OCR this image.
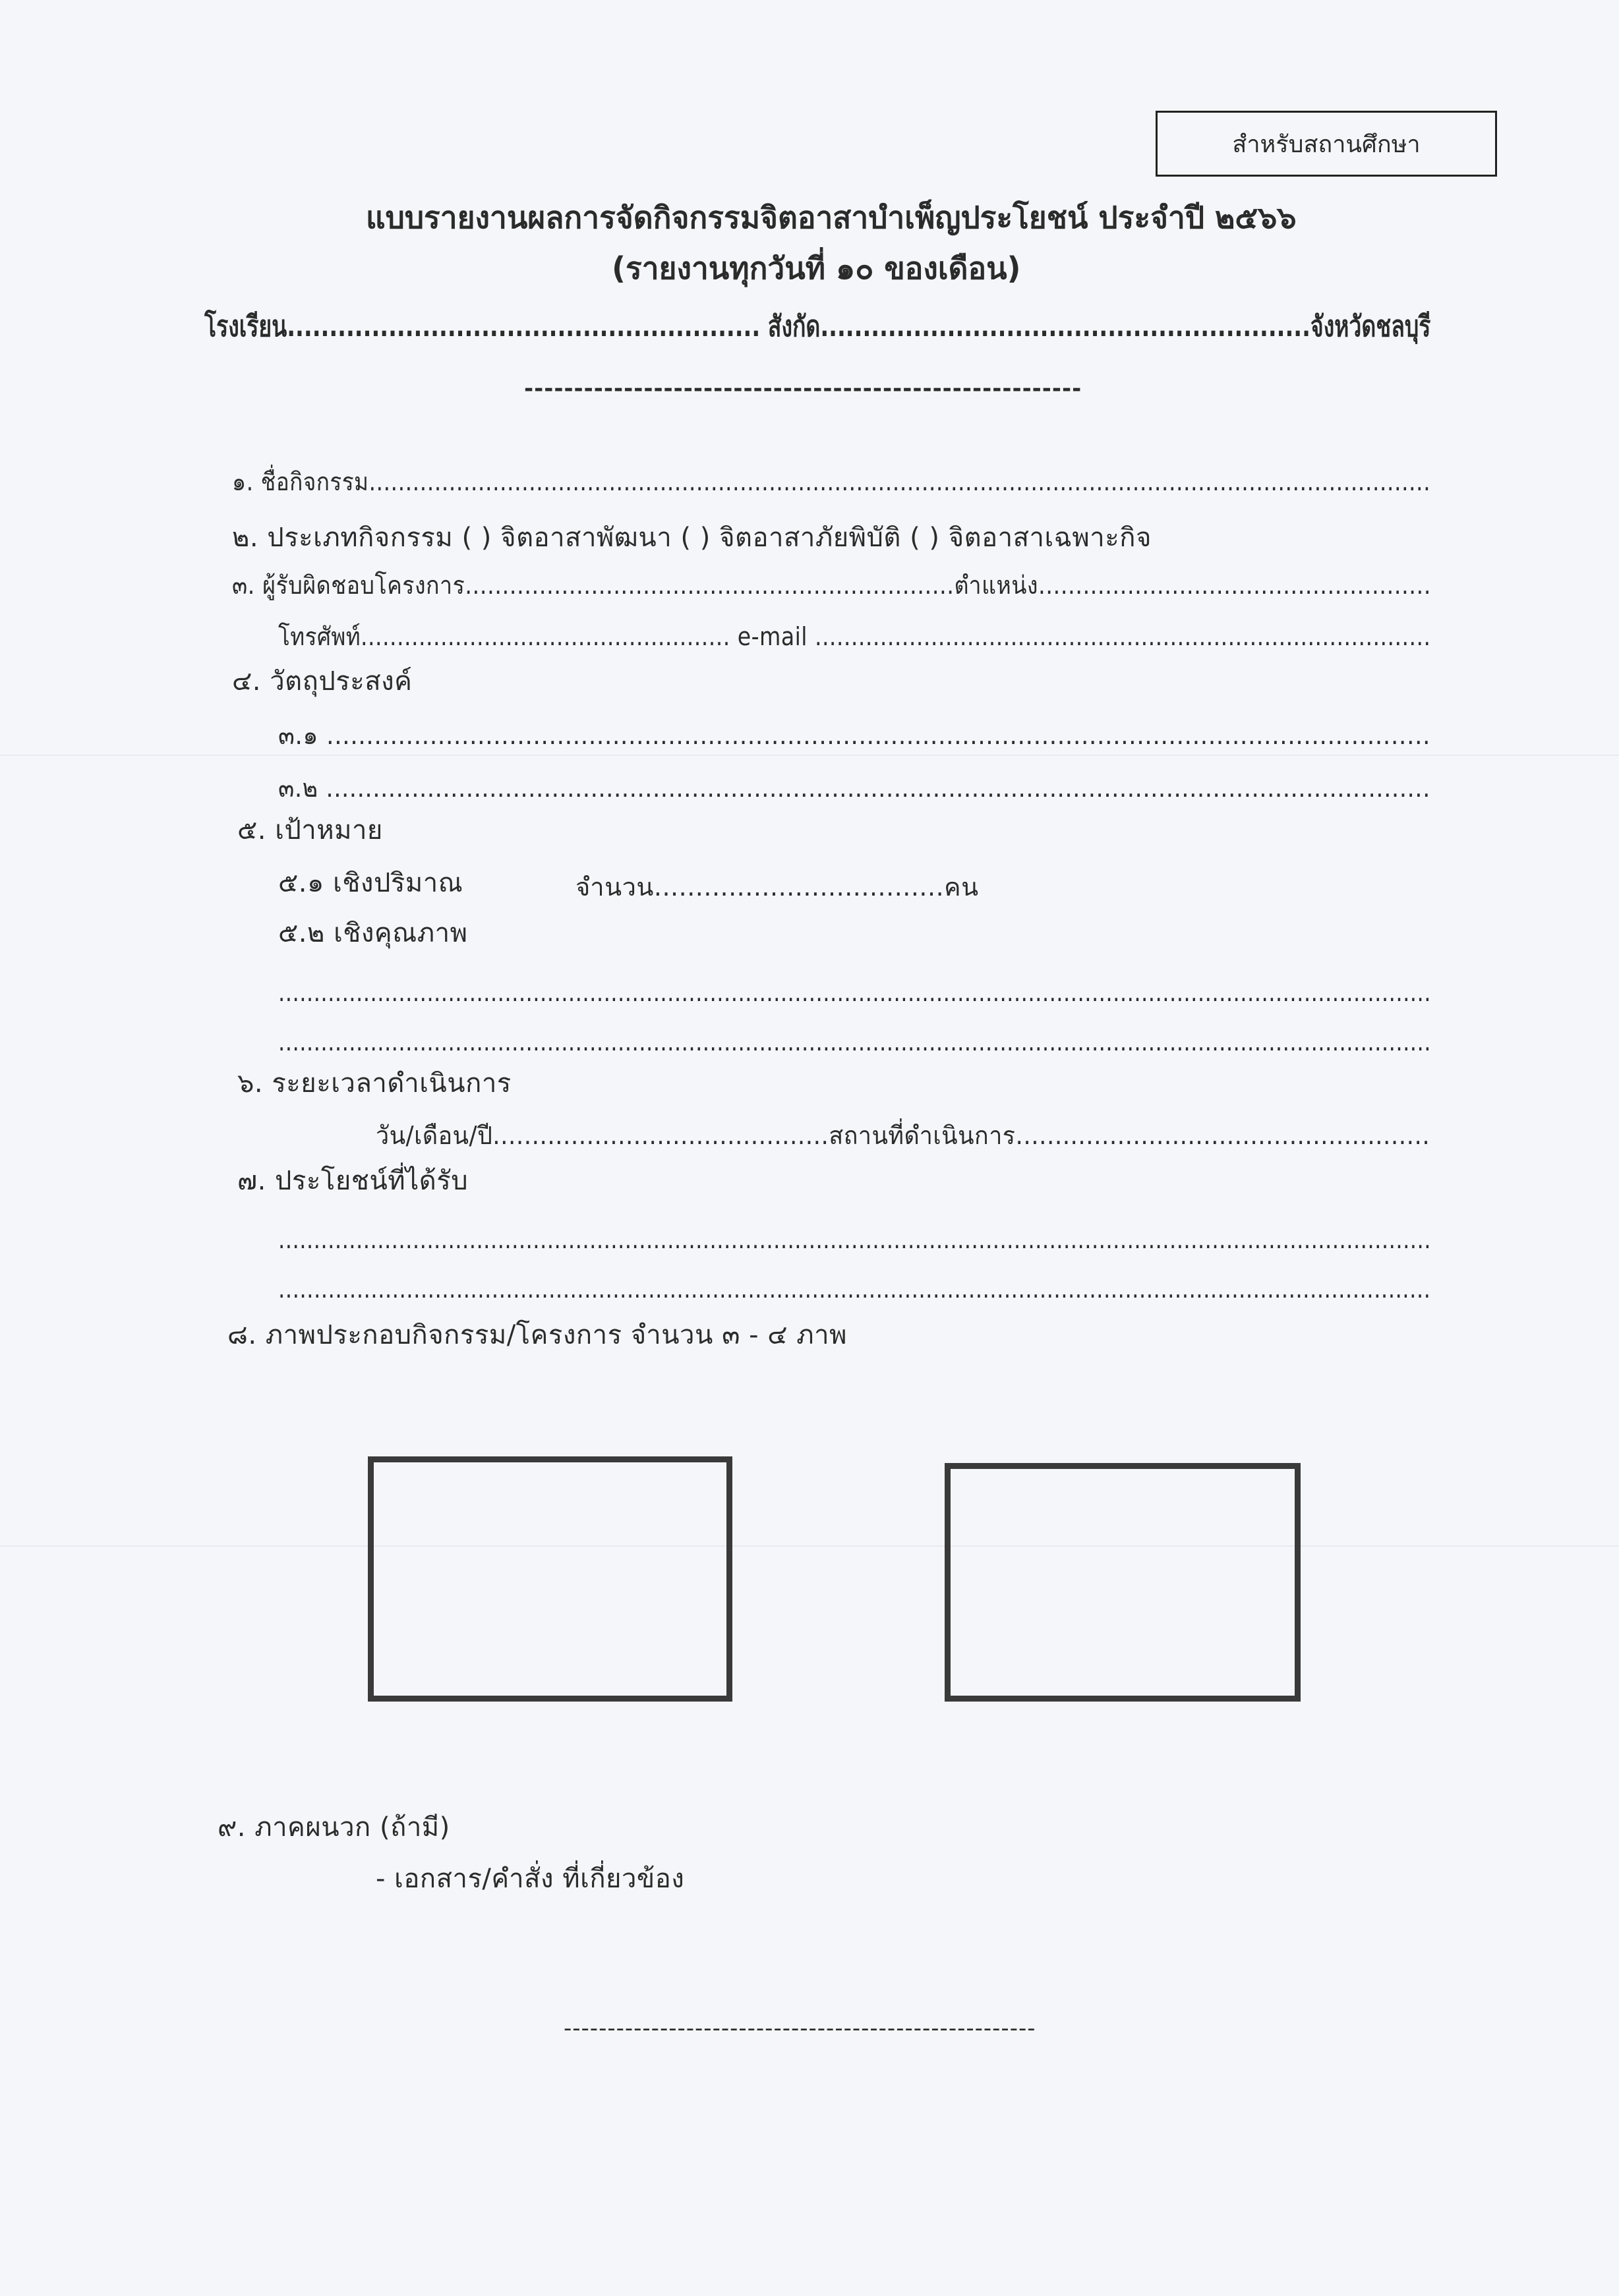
สำหรับสถานศึกษา
แบบรายงานผลการจัดกิจกรรมจิตอาสาบำเพ็ญประโยชน์ ประจำปี ๒๕๖๖
(รายงานทุกวันที่ ๑๐ ของเดือน)
โรงเรียน........................................................ สังกัด..........................................................จังหวัดชลบุรี
--------------------------------------------------------
๑. ชื่อกิจกรรม..................................................................................................................................................
๒. ประเภทกิจกรรม ( ) จิตอาสาพัฒนา ( ) จิตอาสาภัยพิบัติ ( ) จิตอาสาเฉพาะกิจ
๓. ผู้รับผิดชอบโครงการ..................................................................ตำแหน่ง.....................................................
โทรศัพท์................................................... e-mail .....................................................................................
๔. วัตถุประสงค์
๓.๑ ...........................................................................................................................................
๓.๒ ..............................................................................................................................................
๕. เป้าหมาย
๕.๑ เชิงปริมาณ	จำนวน...................................คน
๕.๒ เชิงคุณภาพ
...................................................................................................................................................................
...................................................................................................................................................................
๖. ระยะเวลาดำเนินการ
วัน/เดือน/ปี...........................................สถานที่ดำเนินการ.....................................................
๗. ประโยชน์ที่ได้รับ
...................................................................................................................................................................
..................................................................................................................................................................
๘. ภาพประกอบกิจกรรม/โครงการ จำนวน ๓ - ๔ ภาพ
๙. ภาคผนวก (ถ้ามี)
- เอกสาร/คำสั่ง ที่เกี่ยวข้อง
------------------------------------------------------
